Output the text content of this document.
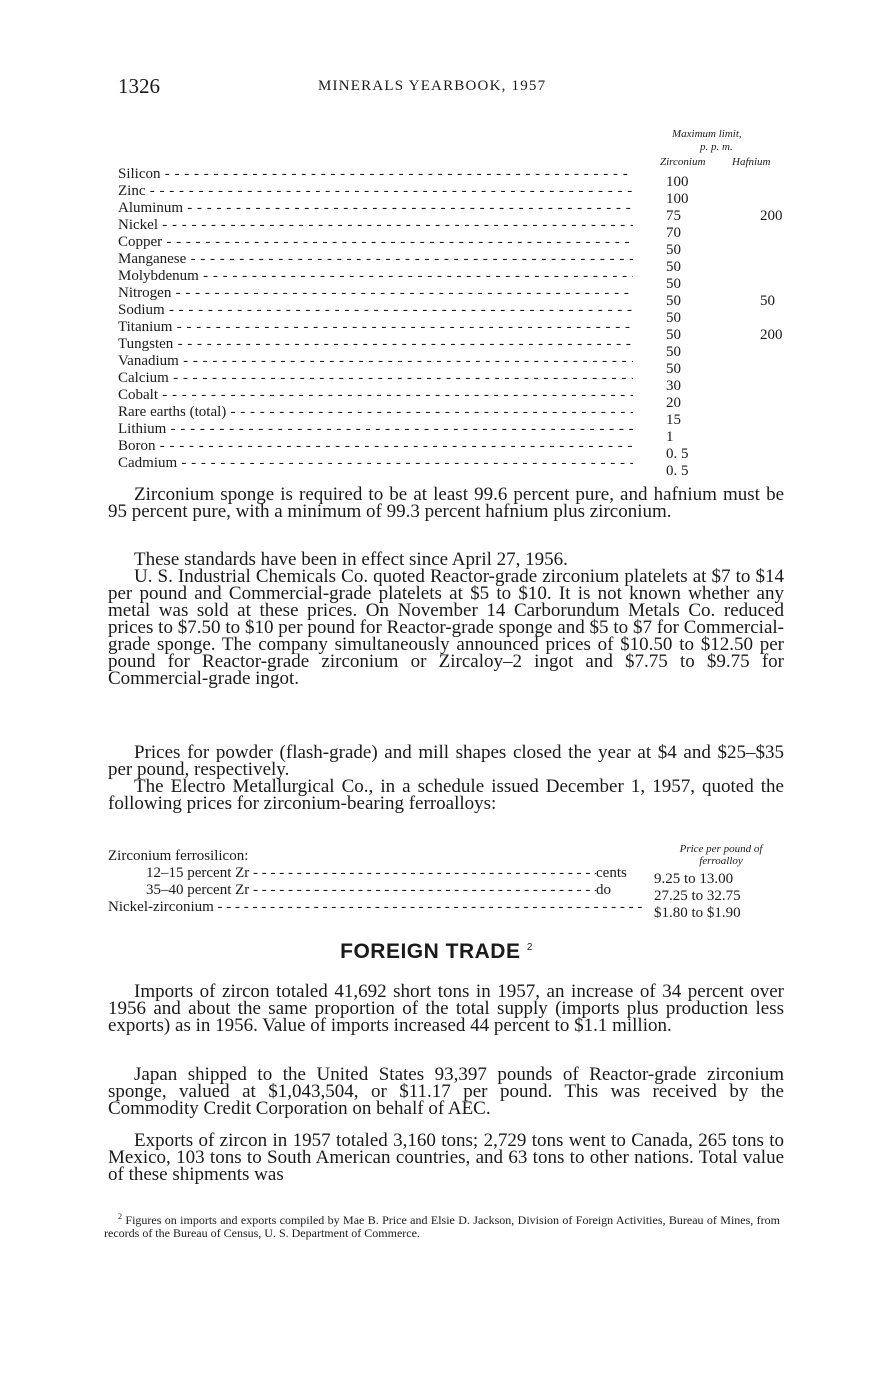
1326	MINERALS YEARBOOK, 1957
Maximum limit,
p. p. m.
Zirconium Hafnium
Silicon - - -	100
Zinc - - -	100
Aluminum - - -	75	200
Nickel - - -	70
Copper - - -	50
Manganese - - -	50
Molybdenum - - -	50
Nitrogen - - -	50	50
Sodium - - -	50
Titanium - - -	50	200
Tungsten - - -	50
Vanadium - - -	50
Calcium - - -	30
Cobalt - - -	20
Rare earths (total) - - -	15
Lithium - - -	1
Boron - - -	0. 5
Cadmium - - -	0. 5

Zirconium sponge is required to be at least 99.6 percent pure, and hafnium must be 95 percent pure, with a minimum of 99.3 percent hafnium plus zirconium.

These standards have been in effect since April 27, 1956.

U. S. Industrial Chemicals Co. quoted Reactor-grade zirconium platelets at $7 to $14 per pound and Commercial-grade platelets at $5 to $10. It is not known whether any metal was sold at these prices. On November 14 Carborundum Metals Co. reduced prices to $7.50 to $10 per pound for Reactor-grade sponge and $5 to $7 for Commercial-grade sponge. The company simultaneously announced prices of $10.50 to $12.50 per pound for Reactor-grade zirconium or Zircaloy–2 ingot and $7.75 to $9.75 for Commercial-grade ingot.

Prices for powder (flash-grade) and mill shapes closed the year at $4 and $25–$35 per pound, respectively.

The Electro Metallurgical Co., in a schedule issued December 1, 1957, quoted the following prices for zirconium-bearing ferroalloys:

Price per pound of
ferroalloy
Zirconium ferrosilicon:
12–15 percent Zr - - -	cents 9.25 to 13.00
35–40 percent Zr - - -	do	27.25 to 32.75
Nickel-zirconium - - -	$1.80 to $1.90
FOREIGN TRADE $^2$

Imports of zircon totaled 41,692 short tons in 1957, an increase of 34 percent over 1956 and about the same proportion of the total supply (imports plus production less exports) as in 1956. Value of imports increased 44 percent to $1.1 million.

Japan shipped to the United States 93,397 pounds of Reactor-grade zirconium sponge, valued at $1,043,504, or $11.17 per pound. This was received by the Commodity Credit Corporation on behalf of AEC.

Exports of zircon in 1957 totaled 3,160 tons; 2,729 tons went to Canada, 265 tons to Mexico, 103 tons to South American countries, and 63 tons to other nations. Total value of these shipments was

$^2$ Figures on imports and exports compiled by Mae B. Price and Elsie D. Jackson, Division of Foreign Activities, Bureau of Mines, from records of the Bureau of Census, U. S. Department of Commerce.
